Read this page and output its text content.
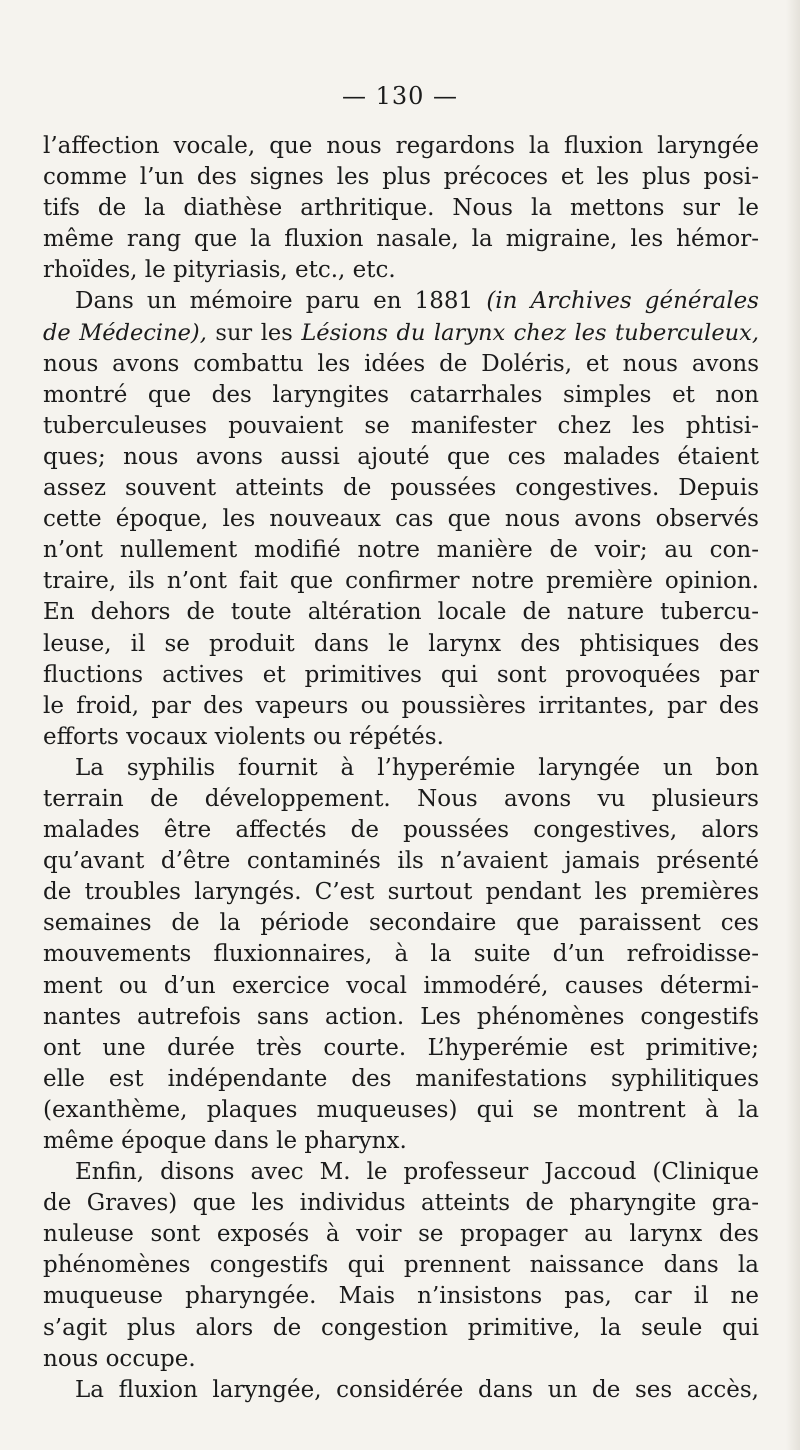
— 130 —
l’affection vocale, que nous regardons la fluxion laryngée
comme l’un des signes les plus précoces et les plus posi-
tifs de la diathèse arthritique. Nous la mettons sur le
même rang que la fluxion nasale, la migraine, les hémor-
rhoïdes, le pityriasis, etc., etc.
Dans un mémoire paru en 1881 (in Archives générales
de Médecine), sur les Lésions du larynx chez les tuberculeux,
nous avons combattu les idées de Doléris, et nous avons
montré que des laryngites catarrhales simples et non
tuberculeuses pouvaient se manifester chez les phtisi-
ques; nous avons aussi ajouté que ces malades étaient
assez souvent atteints de poussées congestives. Depuis
cette époque, les nouveaux cas que nous avons observés
n’ont nullement modifié notre manière de voir; au con-
traire, ils n’ont fait que confirmer notre première opinion.
En dehors de toute altération locale de nature tubercu-
leuse, il se produit dans le larynx des phtisiques des
fluctions actives et primitives qui sont provoquées par
le froid, par des vapeurs ou poussières irritantes, par des
efforts vocaux violents ou répétés.
La syphilis fournit à l’hyperémie laryngée un bon
terrain de développement. Nous avons vu plusieurs
malades être affectés de poussées congestives, alors
qu’avant d’être contaminés ils n’avaient jamais présenté
de troubles laryngés. C’est surtout pendant les premières
semaines de la période secondaire que paraissent ces
mouvements fluxionnaires, à la suite d’un refroidisse-
ment ou d’un exercice vocal immodéré, causes détermi-
nantes autrefois sans action. Les phénomènes congestifs
ont une durée très courte. L’hyperémie est primitive;
elle est indépendante des manifestations syphilitiques
(exanthème, plaques muqueuses) qui se montrent à la
même époque dans le pharynx.
Enfin, disons avec M. le professeur Jaccoud (Clinique
de Graves) que les individus atteints de pharyngite gra-
nuleuse sont exposés à voir se propager au larynx des
phénomènes congestifs qui prennent naissance dans la
muqueuse pharyngée. Mais n’insistons pas, car il ne
s’agit plus alors de congestion primitive, la seule qui
nous occupe.
La fluxion laryngée, considérée dans un de ses accès,
